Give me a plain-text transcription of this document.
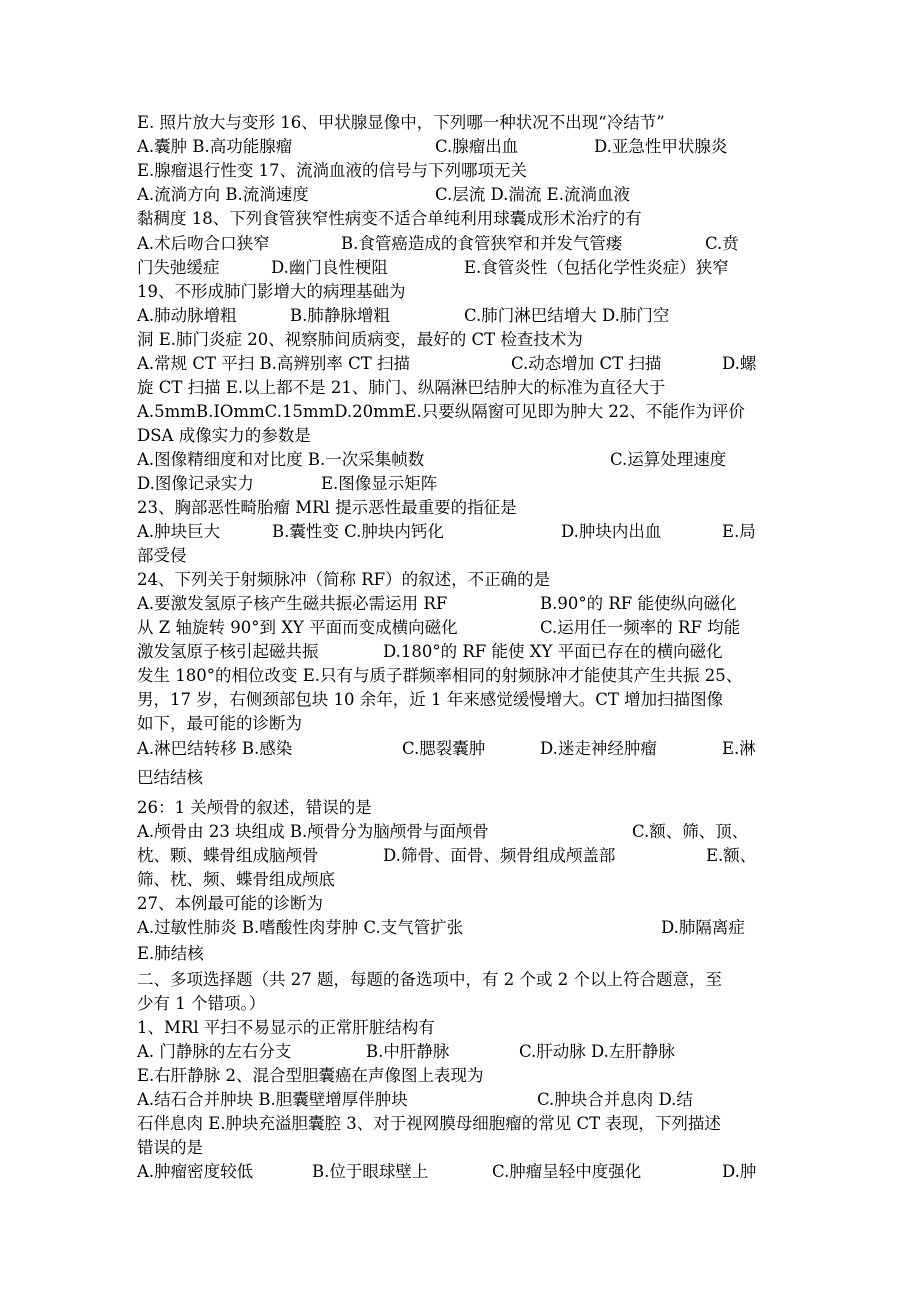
E. 照片放大与变形 16、甲状腺显像中，下列哪一种状况不出现“冷结节”
A.囊肿 B.高功能腺瘤	C.腺瘤出血	D.亚急性甲状腺炎
E.腺瘤退行性变 17、流淌血液的信号与下列哪项无关
A.流淌方向 B.流淌速度	C.层流 D.湍流 E.流淌血液
黏稠度 18、下列食管狭窄性病变不适合单纯利用球囊成形术治疗的有
A.术后吻合口狭窄	B.食管癌造成的食管狭窄和并发气管瘘	C.贲
门失弛缓症	D.幽门良性梗阻	E.食管炎性（包括化学性炎症）狭窄
19、不形成肺门影增大的病理基础为
A.肺动脉增粗	B.肺静脉增粗	C.肺门淋巴结增大 D.肺门空
洞 E.肺门炎症 20、视察肺间质病变，最好的 CT 检查技术为
A.常规 CT 平扫 B.高辨别率 CT 扫描	C.动态增加 CT 扫描	D.螺
旋 CT 扫描 E.以上都不是 21、肺门、纵隔淋巴结肿大的标准为直径大于
A.5mmB.IOmmC.15mmD.20mmE.只要纵隔窗可见即为肿大 22、不能作为评价
DSA 成像实力的参数是
A.图像精细度和对比度 B.一次采集帧数	C.运算处理速度
D.图像记录实力	E.图像显示矩阵
23、胸部恶性畸胎瘤 MRl 提示恶性最重要的指征是
A.肿块巨大	B.囊性变 C.肿块内钙化	D.肿块内出血	E.局
部受侵
24、下列关于射频脉冲（简称 RF）的叙述，不正确的是
A.要激发氢原子核产生磁共振必需运用 RF	B.90°的 RF 能使纵向磁化
从 Z 轴旋转 90°到 XY 平面而变成横向磁化	C.运用任一频率的 RF 均能
激发氢原子核引起磁共振	D.180°的 RF 能使 XY 平面已存在的横向磁化
发生 180°的相位改变 E.只有与质子群频率相同的射频脉冲才能使其产生共振 25、
男，17 岁，右侧颈部包块 10 余年，近 1 年来感觉缓慢增大。CT 增加扫描图像
如下，最可能的诊断为
A.淋巴结转移 B.感染	C.腮裂囊肿	D.迷走神经肿瘤	E.淋
巴结结核
26：1 关颅骨的叙述，错误的是
A.颅骨由 23 块组成 B.颅骨分为脑颅骨与面颅骨	C.额、筛、顶、
枕、颗、蝶骨组成脑颅骨	D.筛骨、面骨、频骨组成颅盖部	E.额、
筛、枕、频、蝶骨组成颅底
27、本例最可能的诊断为
A.过敏性肺炎 B.嗜酸性肉芽肿 C.支气管扩张	D.肺隔离症
E.肺结核
二、多项选择题（共 27 题，每题的备选项中，有 2 个或 2 个以上符合题意，至
少有 1 个错项。）
1、MRl 平扫不易显示的正常肝脏结构有
A. 门静脉的左右分支	B.中肝静脉	C.肝动脉 D.左肝静脉
E.右肝静脉 2、混合型胆囊癌在声像图上表现为
A.结石合并肿块 B.胆囊壁增厚伴肿块	C.肿块合并息肉 D.结
石伴息肉 E.肿块充溢胆囊腔 3、对于视网膜母细胞瘤的常见 CT 表现，下列描述
错误的是
A.肿瘤密度较低	B.位于眼球壁上	C.肿瘤呈轻中度强化	D.肿
